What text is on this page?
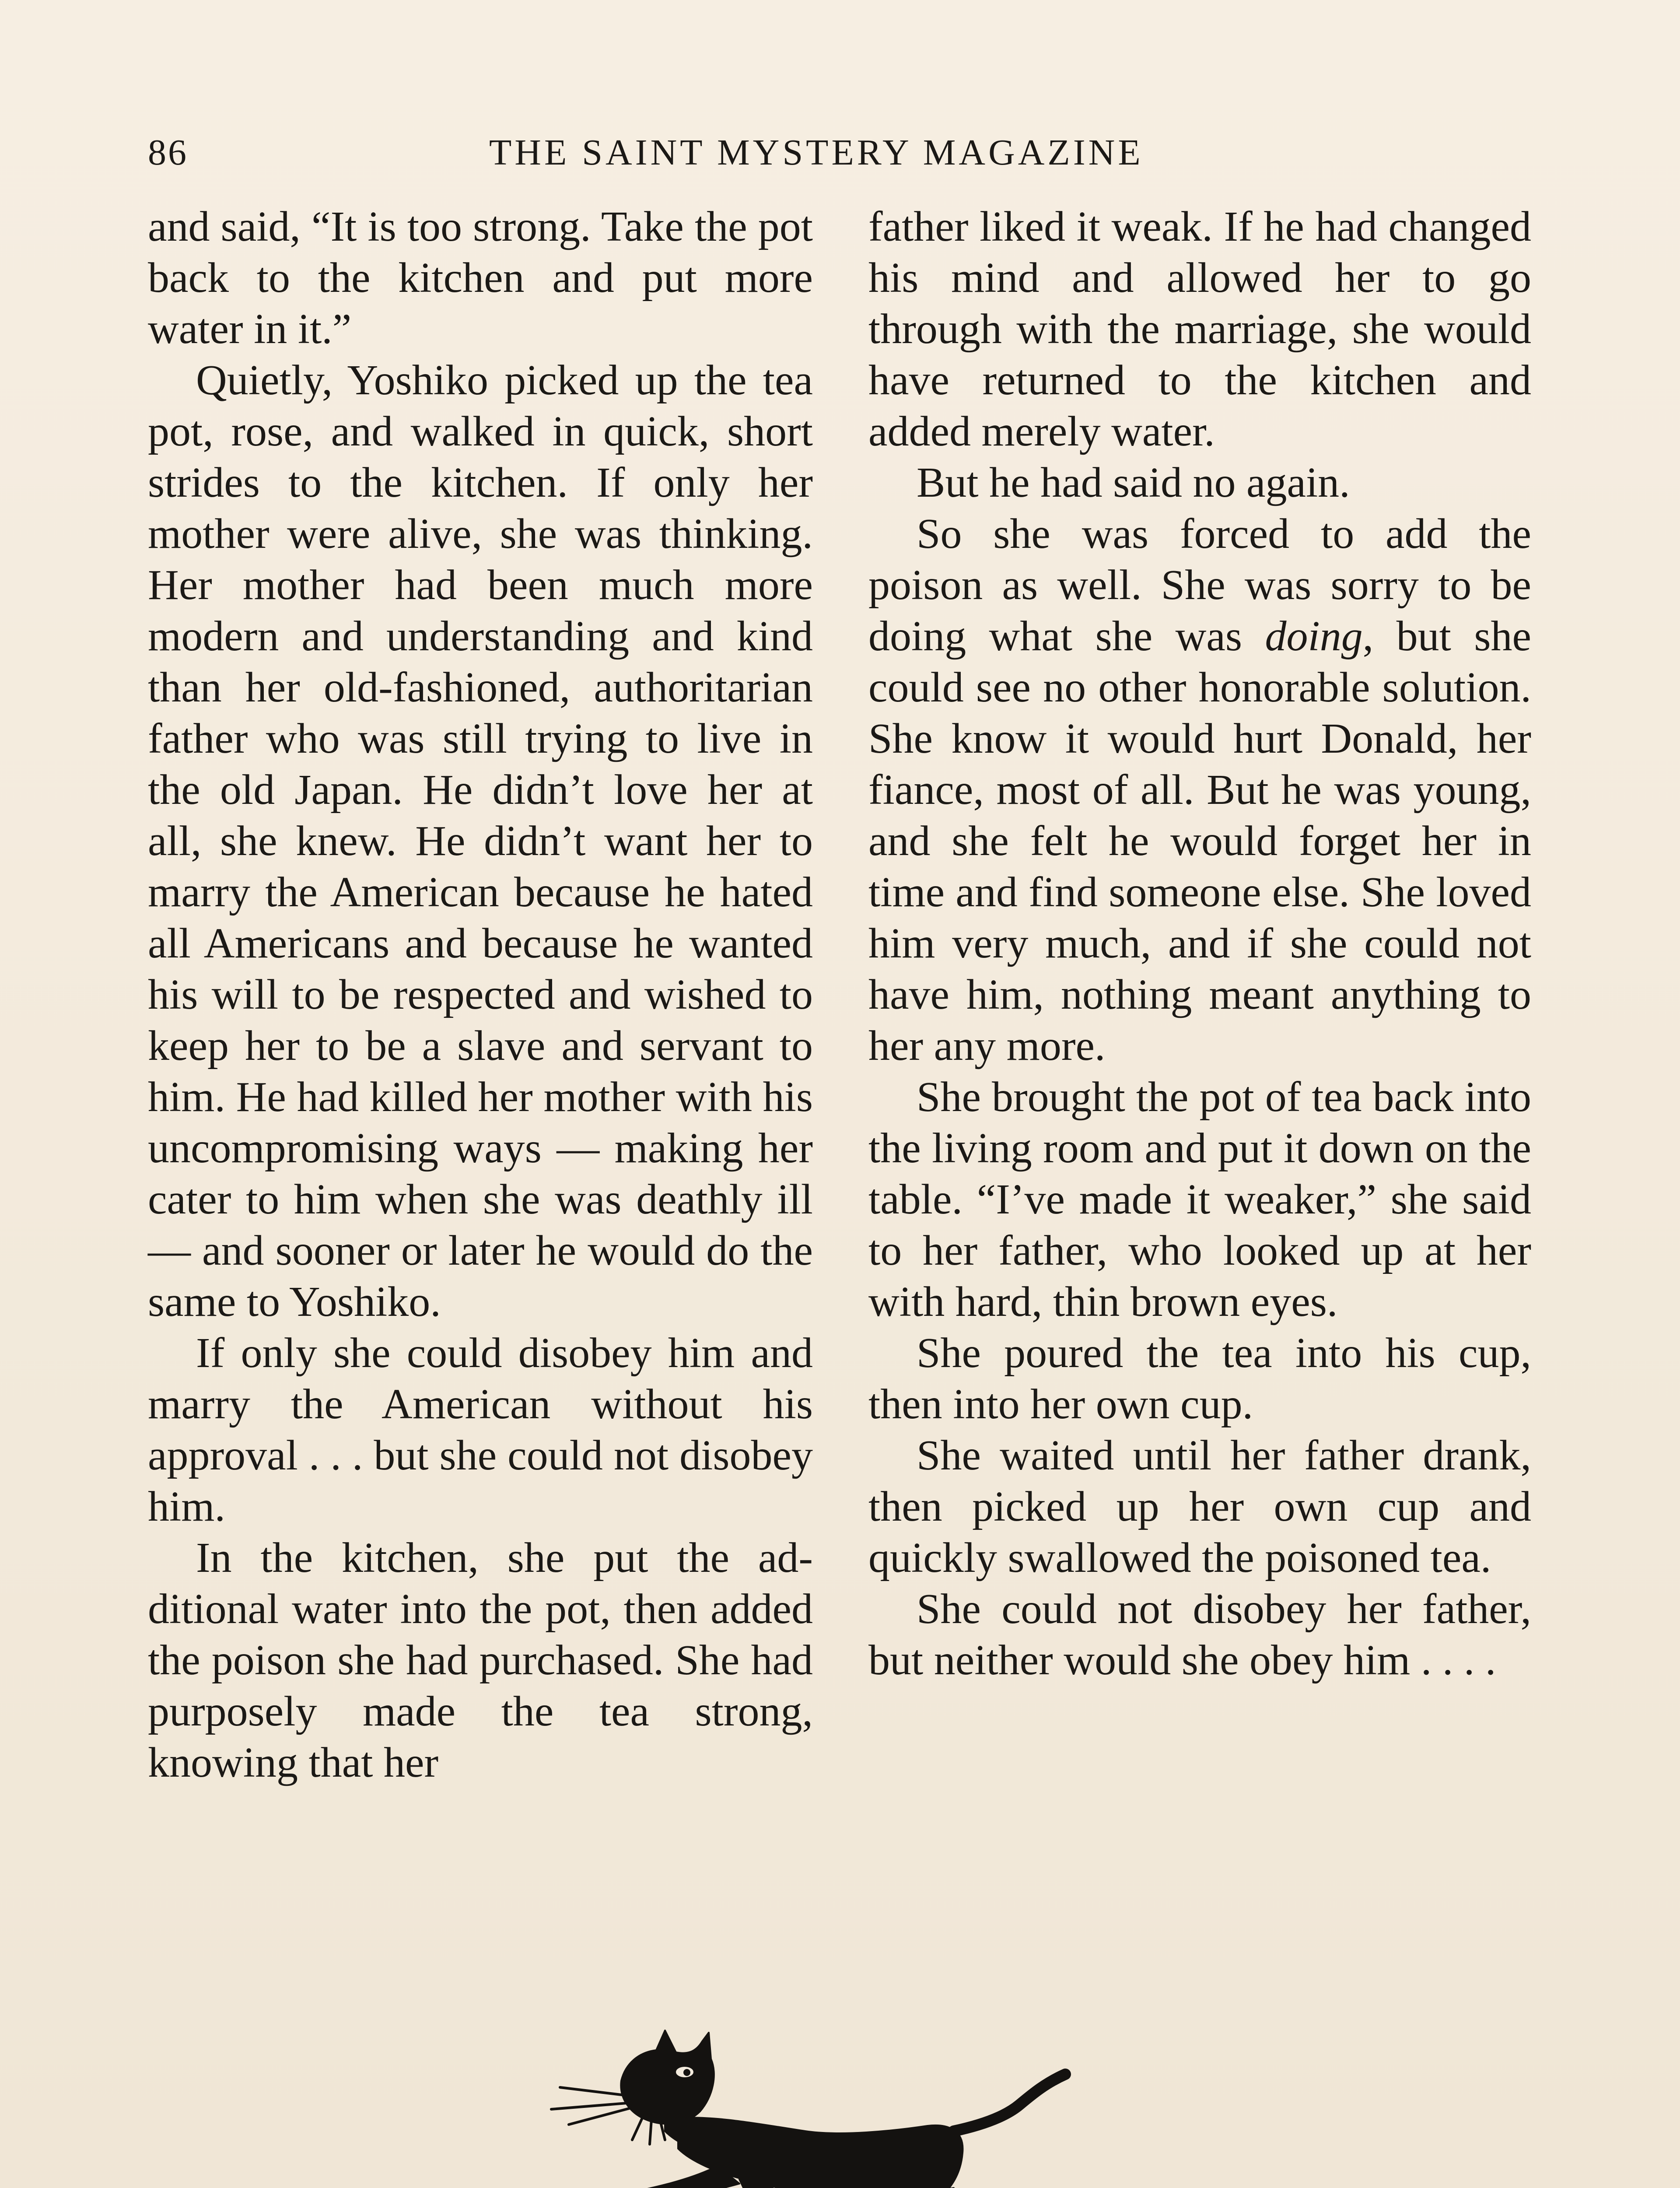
86	THE SAINT MYSTERY MAGAZINE

and said, “It is too strong. Take the pot back to the kitchen and put more water in it.”

Quietly, Yoshiko picked up the tea pot, rose, and walked in quick, short strides to the kitchen. If only her mother were alive, she was thinking. Her mother had been much more modern and understanding and kind than her old-fashioned, authoritarian father who was still trying to live in the old Japan. He didn’t love her at all, she knew. He didn’t want her to marry the American because he hated all Americans and because he wanted his will to be respected and wished to keep her to be a slave and servant to him. He had killed her mother with his uncompromising ways — making her cater to him when she was deathly ill — and sooner or later he would do the same to Yoshiko.

If only she could disobey him and marry the American without his approval . . . but she could not disobey him.

In the kitchen, she put the additional water into the pot, then added the poison she had purchased. She had purposely made the tea strong, knowing that her

father liked it weak. If he had changed his mind and allowed her to go through with the marriage, she would have returned to the kitchen and added merely water.

But he had said no again.

So she was forced to add the poison as well. She was sorry to be doing what she was doing, but she could see no other honorable solution. She know it would hurt Donald, her fiance, most of all. But he was young, and she felt he would forget her in time and find someone else. She loved him very much, and if she could not have him, nothing meant anything to her any more.

She brought the pot of tea back into the living room and put it down on the table. “I’ve made it weaker,” she said to her father, who looked up at her with hard, thin brown eyes.

She poured the tea into his cup, then into her own cup.

She waited until her father drank, then picked up her own cup and quickly swallowed the poisoned tea.

She could not disobey her father, but neither would she obey him . . . .
